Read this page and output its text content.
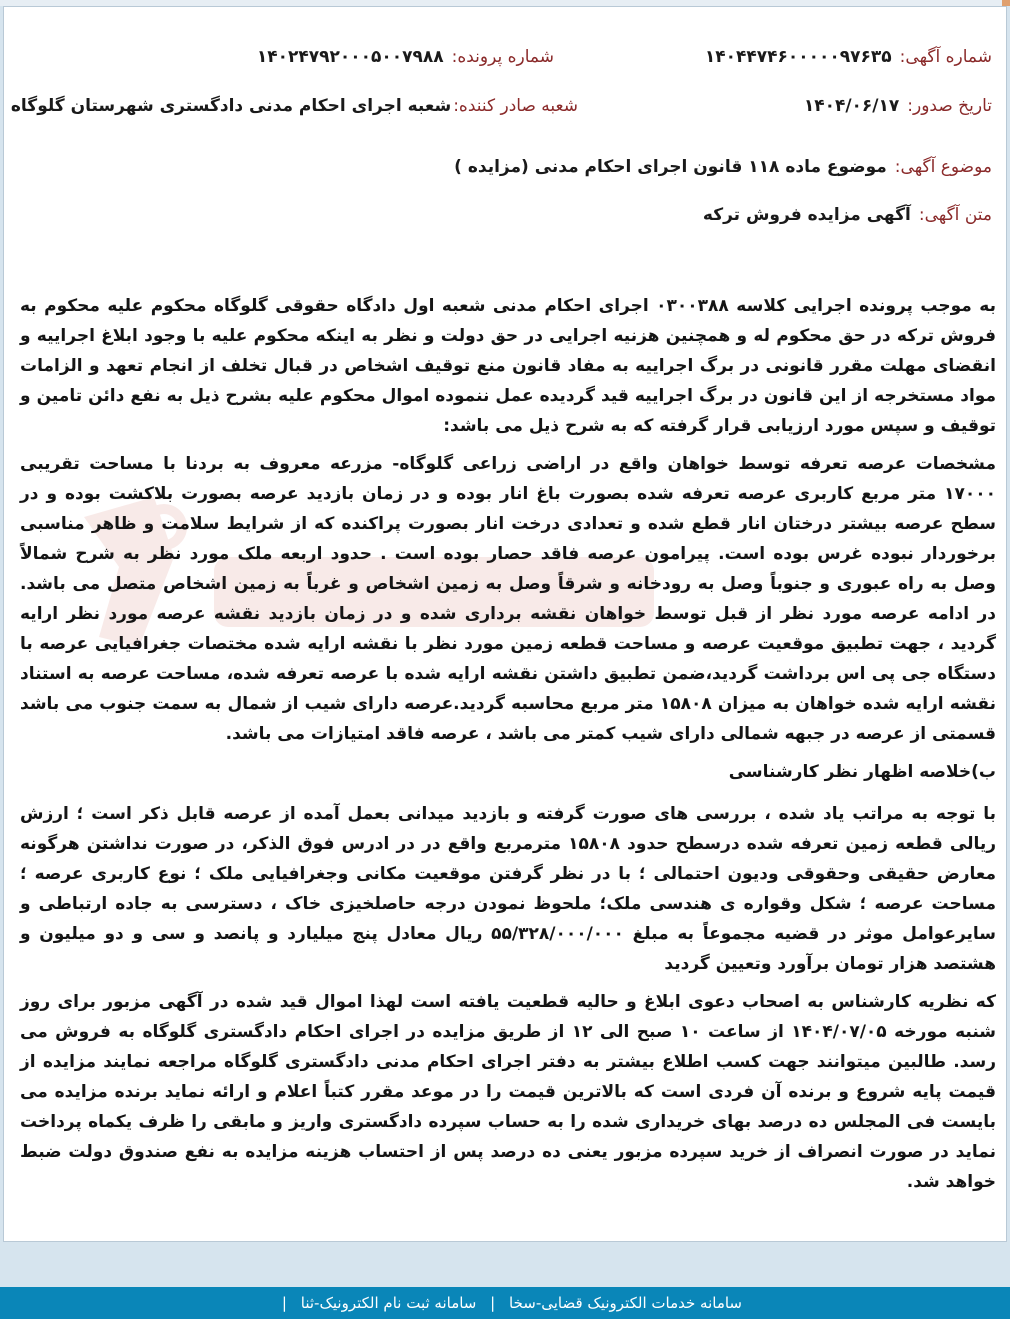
شماره آگهی:۱۴۰۴۴۷۴۶۰۰۰۰۰۹۷۶۳۵
شماره پرونده:۱۴۰۲۴۷۹۲۰۰۰۵۰۰۷۹۸۸
تاریخ صدور:۱۴۰۴/۰۶/۱۷
شعبه صادر کننده:شعبه اجرای احکام مدنی دادگستری شهرستان گلوگاه
موضوع آگهی:موضوع ماده ۱۱۸ قانون اجرای احکام مدنی (مزایده )
متن آگهی:آگهی مزایده فروش ترکه

به موجب پرونده اجرایی کلاسه ۰۳۰۰۳۸۸ اجرای احکام مدنی شعبه اول دادگاه حقوقی گلوگاه محکوم علیه محکوم به فروش ترکه در حق محکوم له و همچنین هزنیه اجرایی در حق دولت و نظر به اینکه محکوم علیه با وجود ابلاغ اجراییه و انقضای مهلت مقرر قانونی در برگ اجراییه به مفاد قانون منع توقیف اشخاص در قبال تخلف از انجام تعهد و الزامات مواد مستخرجه از این قانون در برگ اجراییه قید گردیده عمل ننموده اموال محکوم علیه بشرح ذیل به نفع دائن تامین و توقیف و سپس مورد ارزیابی قرار گرفته که به شرح ذیل می باشد:

مشخصات عرصه تعرفه توسط خواهان واقع در اراضی زراعی گلوگاه- مزرعه معروف به بردنا با مساحت تقریبی ۱۷۰۰۰ متر مربع کاربری عرصه تعرفه شده بصورت باغ انار بوده و در زمان بازدید عرصه بصورت بلاکشت بوده و در سطح عرصه بیشتر درختان انار قطع شده و تعدادی درخت انار بصورت پراکنده که از شرایط سلامت و ظاهر مناسبی برخوردار نبوده غرس بوده است. پیرامون عرصه فاقد حصار بوده است . حدود اربعه ملک مورد نظر به شرح شمالاً وصل به راه عبوری و جنوباً وصل به رودخانه و شرقاً وصل به زمین اشخاص و غرباً به زمین اشخاص متصل می باشد. در ادامه عرصه مورد نظر از قبل توسط خواهان نقشه برداری شده و در زمان بازدید نقشه عرصه مورد نظر ارایه گردید ، جهت تطبیق موقعیت عرصه و مساحت قطعه زمین مورد نظر با نقشه ارایه شده مختصات جغرافیایی عرصه با دستگاه جی پی اس برداشت گردید،ضمن تطبیق داشتن نقشه ارایه شده با عرصه تعرفه شده، مساحت عرصه به استناد نقشه ارایه شده خواهان به میزان ۱۵۸۰۸ متر مربع محاسبه گردید.عرصه دارای شیب از شمال به سمت جنوب می باشد قسمتی از عرصه در جبهه شمالی دارای شیب کمتر می باشد ، عرصه فاقد امتیازات می باشد.

ب)خلاصه اظهار نظر کارشناسی

با توجه به مراتب یاد شده ، بررسی های صورت گرفته و بازدید میدانی بعمل آمده از عرصه قابل ذکر است ؛ ارزش ریالی قطعه زمین تعرفه شده درسطح حدود ۱۵۸۰۸ مترمربع واقع در در ادرس فوق الذکر، در صورت نداشتن هرگونه معارض حقیقی وحقوقی ودیون احتمالی ؛ با در نظر گرفتن موقعیت مکانی وجغرافیایی ملک ؛ نوع کاربری عرصه ؛ مساحت عرصه ؛ شکل وقواره ی هندسی ملک؛ ملحوظ نمودن درجه حاصلخیزی خاک ، دسترسی به جاده ارتباطی و سایرعوامل موثر در قضیه مجموعاً به مبلغ ۵۵/۳۲۸/۰۰۰/۰۰۰ ریال معادل پنج میلیارد و پانصد و سی و دو میلیون و هشتصد هزار تومان برآورد وتعیین گردید

که نظریه کارشناس به اصحاب دعوی ابلاغ و حالیه قطعیت یافته است لهذا اموال قید شده در آگهی مزبور برای روز شنبه مورخه ۱۴۰۴/۰۷/۰۵ از ساعت ۱۰ صبح الی ۱۲ از طریق مزایده در اجرای احکام دادگستری گلوگاه به فروش می رسد. طالبین میتوانند جهت کسب اطلاع بیشتر به دفتر اجرای احکام مدنی دادگستری گلوگاه مراجعه نمایند مزایده از قیمت پایه شروع و برنده آن فردی است که بالاترین قیمت را در موعد مقرر کتباً اعلام و ارائه نماید برنده مزایده می بایست فی المجلس ده درصد بهای خریداری شده را به حساب سپرده دادگستری واریز و مابقی را ظرف یکماه پرداخت نماید در صورت انصراف از خرید سپرده مزبور یعنی ده درصد پس از احتساب هزینه مزایده به نفع صندوق دولت ضبط خواهد شد.

سامانه خدمات الکترونیک قضایی-سخا | سامانه ثبت نام الکترونیک-ثنا |
